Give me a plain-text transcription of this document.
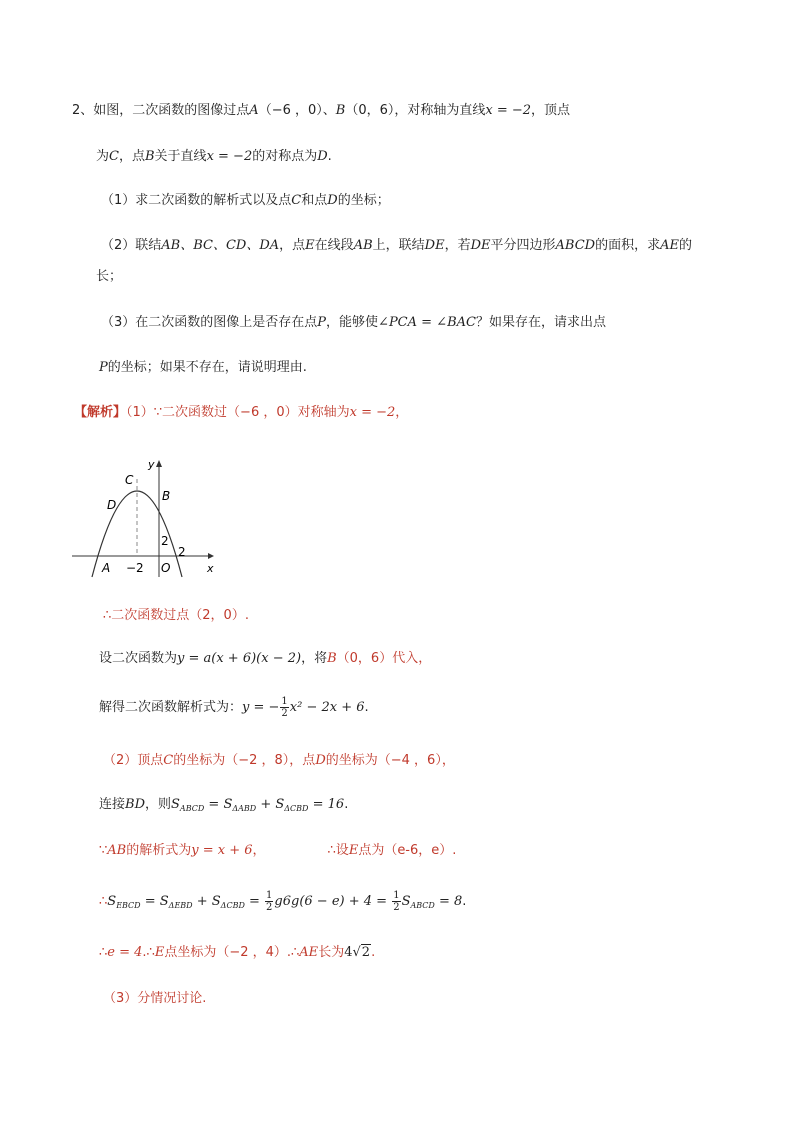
2、如图，二次函数的图像过点A（−6 ，0）、B（0，6），对称轴为直线x = −2，顶点
为C，点B关于直线x = −2的对称点为D.
（1）求二次函数的解析式以及点C和点D的坐标；
（2）联结AB、BC、CD、DA，点E在线段AB上，联结DE，若DE平分四边形ABCD的面积，求AE的
长；
（3）在二次函数的图像上是否存在点P，能够使∠PCA = ∠BAC？如果存在，请求出点
P的坐标；如果不存在，请说明理由.
【解析】（1）∵二次函数过（−6 ，0）对称轴为x = −2，
y
x
C
B
D
A	O
−2
2
2
∴二次函数过点（2，0）.
设二次函数为y = a(x + 6)(x − 2)，将B（0，6）代入，
解得二次函数解析式为：y = − $\frac{1}{2} x^2 - 2x + 6$.
（2）顶点C的坐标为（−2 ，8），点D的坐标为（−4 ，6），
连接BD，则$S_{ABCD} = S_{\Delta ABD} + S_{\Delta CBD} = 16$.
∵AB的解析式为y = x + 6，	∴设E点为（e-6，e）.
$\therefore S_{EBCD} = S_{\Delta EBD} + S_{\Delta CBD} = \frac{1}{2} g6g(6 - e) + 4 = \frac{1}{2} S_{ABCD} = 8$.
∴e = 4.∴E点坐标为（−2 ，4）.∴AE长为4√2.
（3）分情况讨论.
